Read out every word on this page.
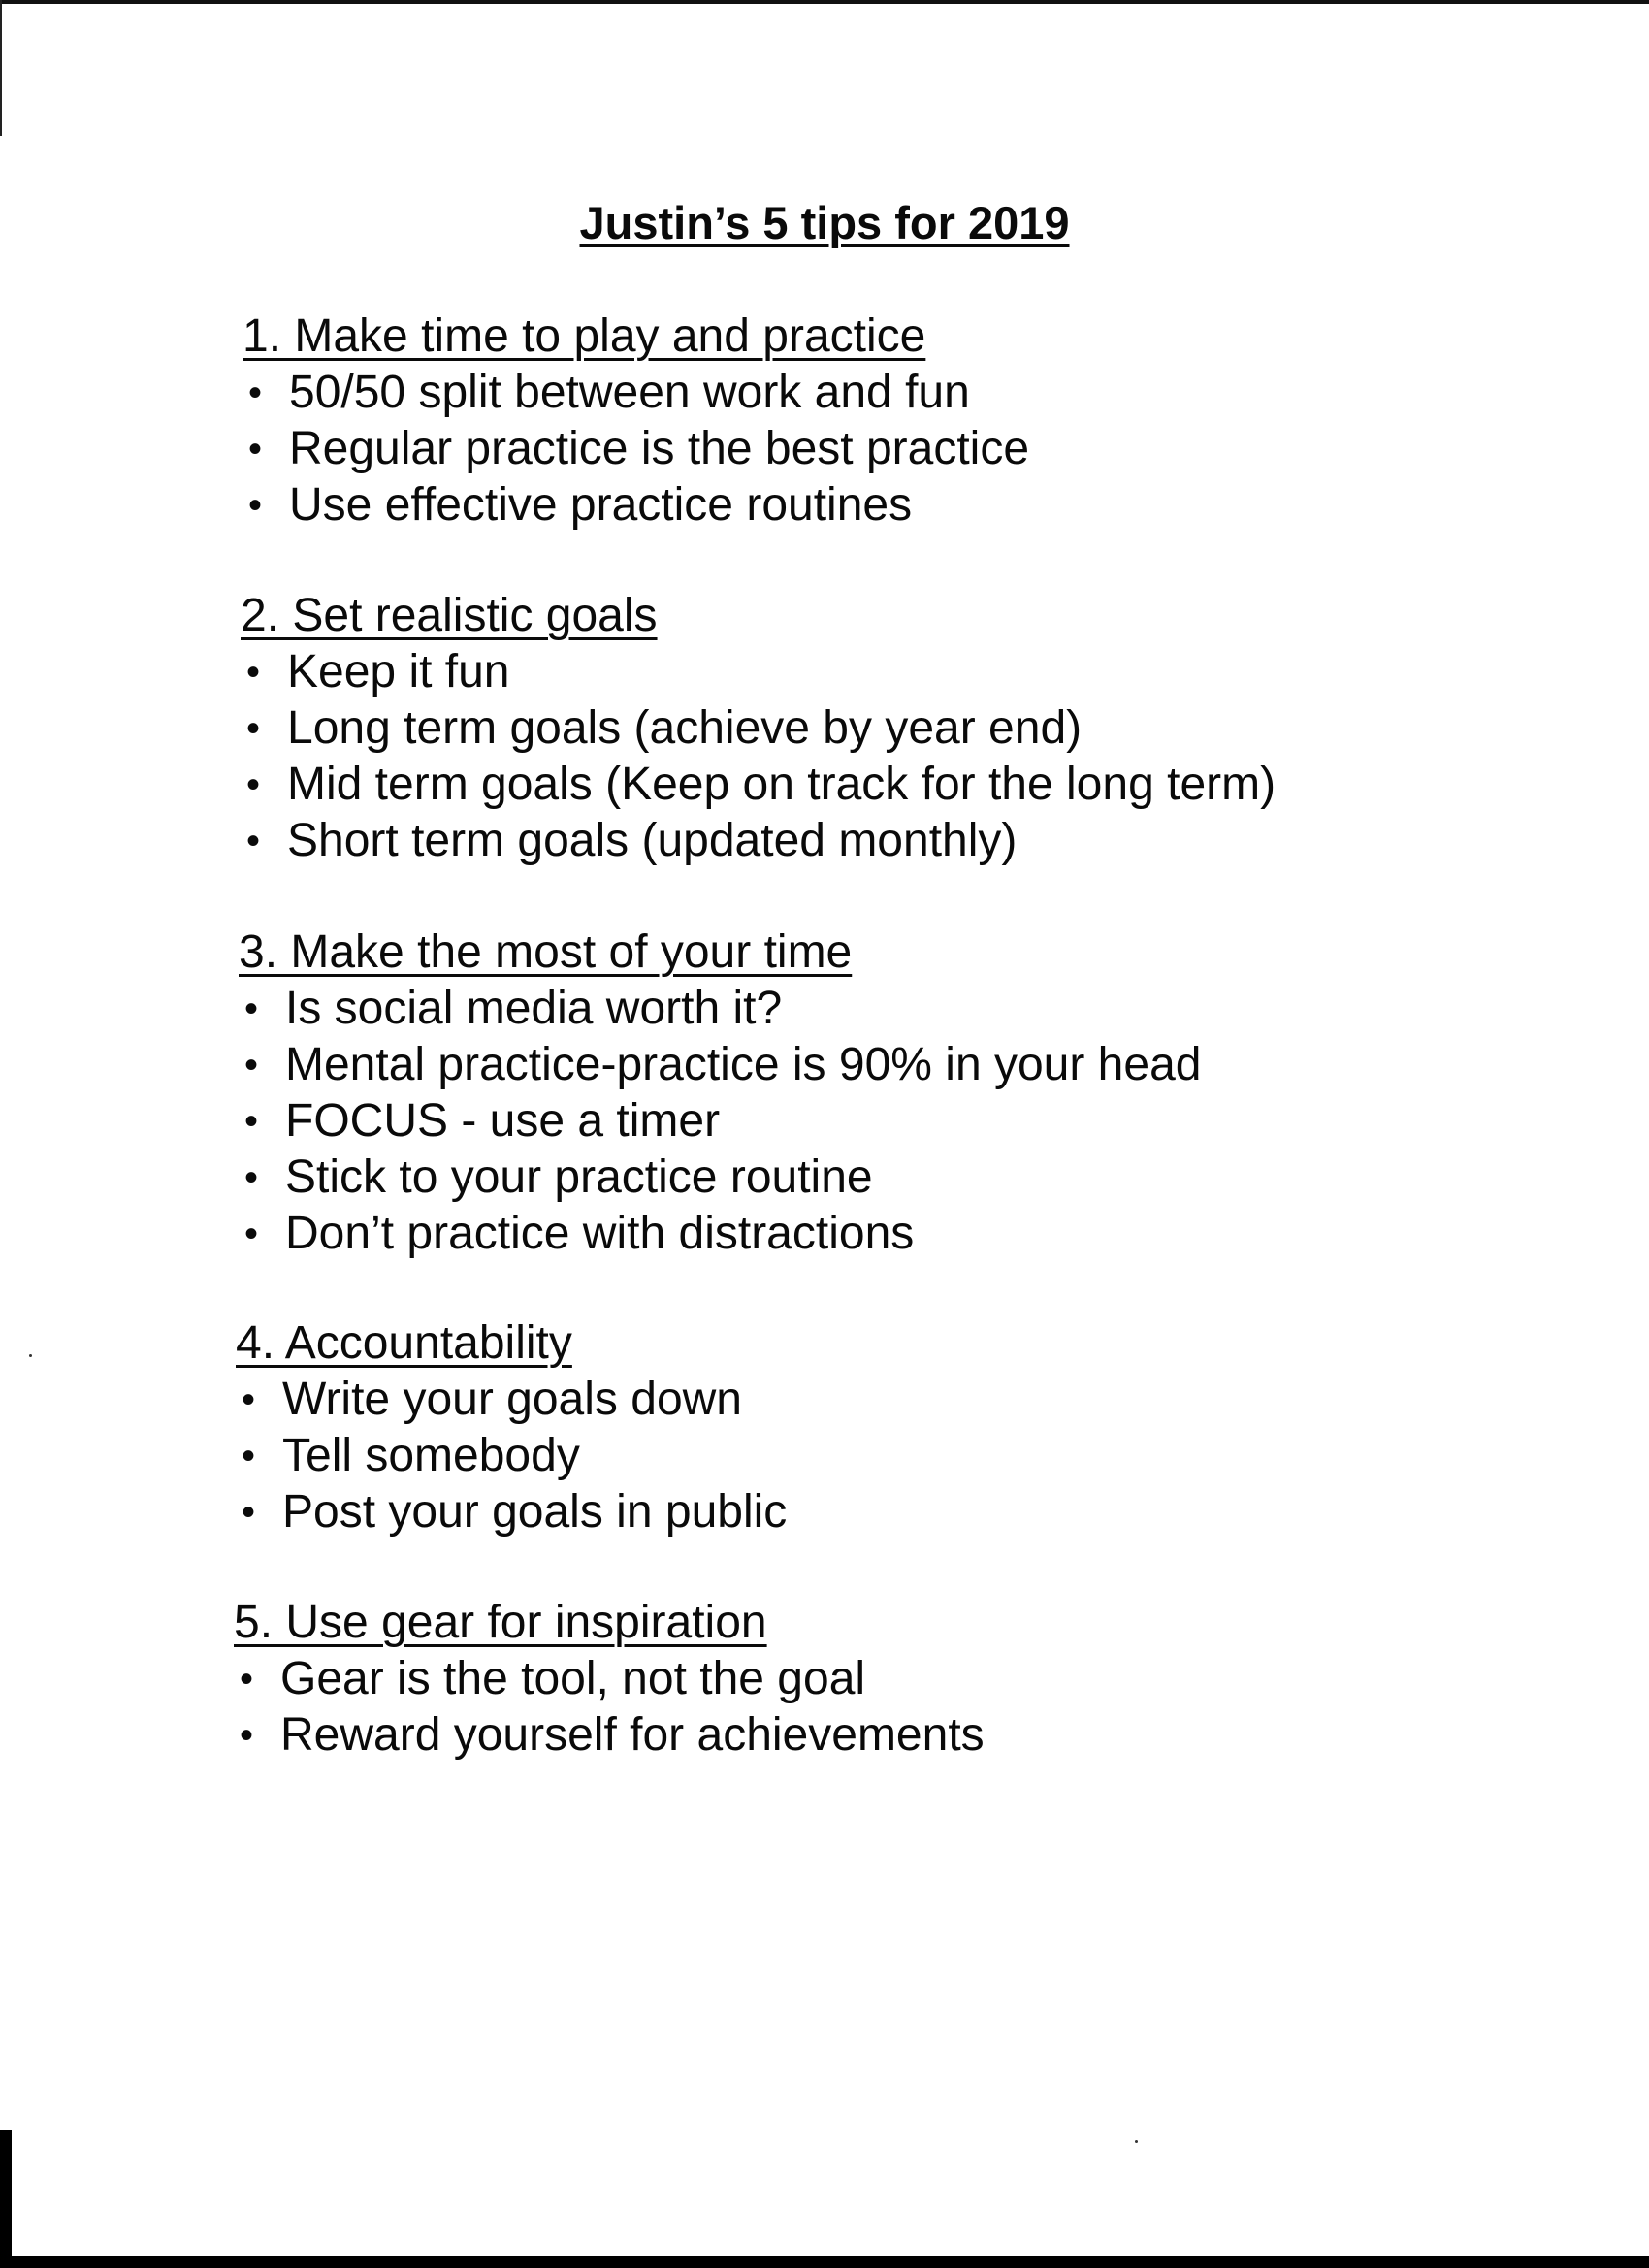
Justin’s 5 tips for 2019
1. Make time to play and practice
• 50/50 split between work and fun
• Regular practice is the best practice
• Use effective practice routines
2. Set realistic goals
• Keep it fun
• Long term goals (achieve by year end)
• Mid term goals (Keep on track for the long term)
• Short term goals (updated monthly)
3. Make the most of your time
• Is social media worth it?
• Mental practice-practice is 90% in your head
• FOCUS - use a timer
• Stick to your practice routine
• Don’t practice with distractions
4. Accountability
• Write your goals down
• Tell somebody
• Post your goals in public
5. Use gear for inspiration
• Gear is the tool, not the goal
• Reward yourself for achievements
